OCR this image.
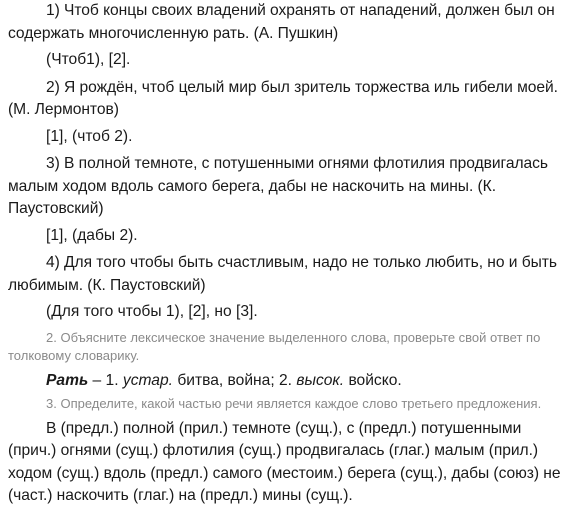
1) Чтоб концы своих владений охранять от нападений, должен был он содержать многочисленную рать. (А. Пушкин)

(Чтоб1), [2].

2) Я рождён, чтоб целый мир был зритель торжества иль гибели моей. (М. Лермонтов)

[1], (чтоб 2).

3) В полной темноте, с потушенными огнями флотилия продвигалась малым ходом вдоль самого берега, дабы не наскочить на мины. (К. Паустовский)

[1], (дабы 2).

4) Для того чтобы быть счастливым, надо не только любить, но и быть любимым. (К. Паустовский)

(Для того чтобы 1), [2], но [3].

2. Объясните лексическое значение выделенного слова, проверьте свой ответ по толковому словарику.

Рать – 1. устар. битва, война; 2. высок. войско.

3. Определите, какой частью речи является каждое слово третьего предложения.

В (предл.) полной (прил.) темноте (сущ.), с (предл.) потушенными (прич.) огнями (сущ.) флотилия (сущ.) продвигалась (глаг.) малым (прил.) ходом (сущ.) вдоль (предл.) самого (местоим.) берега (сущ.), дабы (союз) не (част.) наскочить (глаг.) на (предл.) мины (сущ.).
